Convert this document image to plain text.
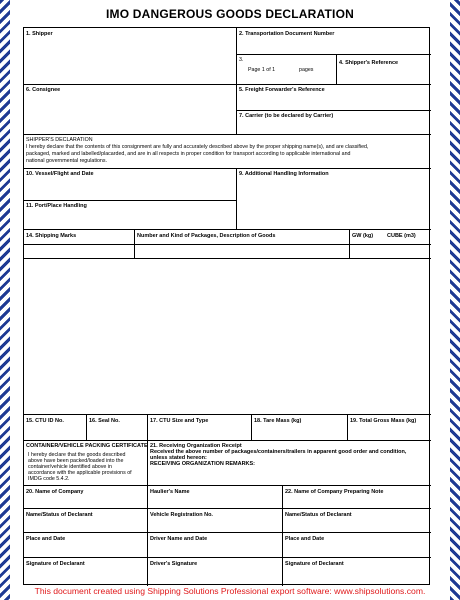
IMO DANGEROUS GOODS DECLARATION
1. Shipper	2. Transportation Document Number
3.
Page 1 of 1	pages
4. Shipper's Reference
6. Consignee	5. Freight Forwarder's Reference
7. Carrier (to be declared by Carrier)
SHIPPER'S DECLARATION
I hereby declare that the contents of this consignment are fully and accurately described above by the proper shipping name(s), and are classified,
packaged, marked and labelled/placarded, and are in all respects in proper condition for transport according to applicable international and
national governmental regulations.
10. Vessel/Flight and Date	9. Additional Handling Information
11. Port/Place Handling
14. Shipping Marks	Number and Kind of Packages, Description of Goods	GW (kg)	CUBE (m3)
15. CTU ID No.	16. Seal No.	17. CTU Size and Type	18. Tare Mass (kg)	19. Total Gross Mass (kg)
CONTAINER/VEHICLE PACKING CERTIFICATE
I hereby declare that the goods described
above have been packed/loaded into the
container/vehicle identified above in
accordance with the applicable provisions of
IMDG code 5.4.2.
21. Receiving Organization Receipt
Received the above number of packages/containers/trailers in apparent good order and condition,
unless stated hereon:
RECEIVING ORGANIZATION REMARKS:
20. Name of Company	Haulier's Name	22. Name of Company Preparing Note
Name/Status of Declarant	Vehicle Registration No.	Name/Status of Declarant
Place and Date	Driver Name and Date	Place and Date
Signature of Declarant	Driver's Signature	Signature of Declarant
This document created using Shipping Solutions Professional export software: www.shipsolutions.com.
